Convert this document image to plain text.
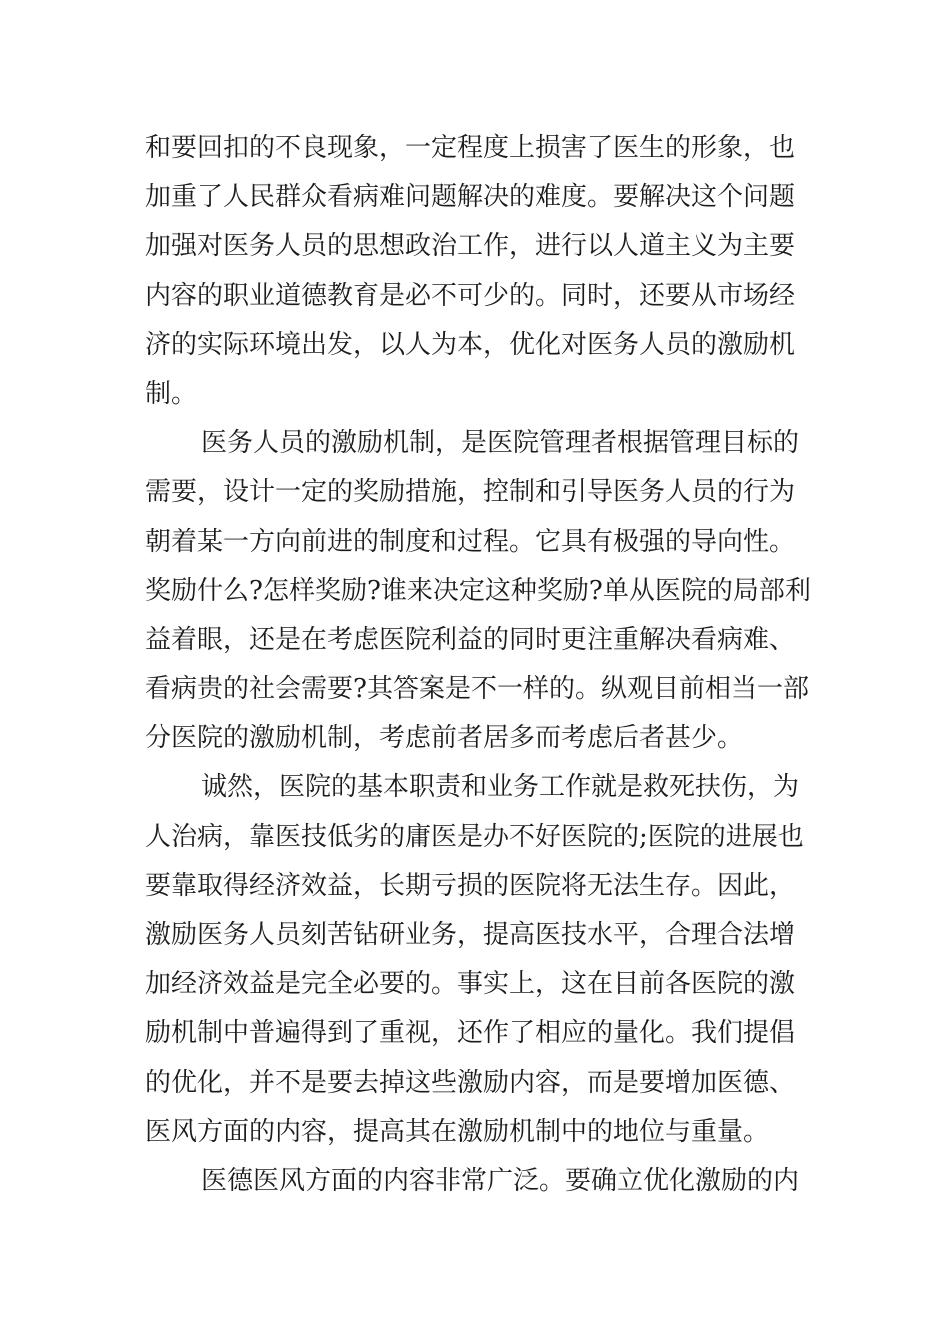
和要回扣的不良现象，一定程度上损害了医生的形象，也
加重了人民群众看病难问题解决的难度。要解决这个问题
加强对医务人员的思想政治工作，进行以人道主义为主要
内容的职业道德教育是必不可少的。同时，还要从市场经
济的实际环境出发，以人为本，优化对医务人员的激励机
制。
医务人员的激励机制，是医院管理者根据管理目标的
需要，设计一定的奖励措施，控制和引导医务人员的行为
朝着某一方向前进的制度和过程。它具有极强的导向性。
奖励什么?怎样奖励?谁来决定这种奖励?单从医院的局部利
益着眼，还是在考虑医院利益的同时更注重解决看病难、
看病贵的社会需要?其答案是不一样的。纵观目前相当一部
分医院的激励机制，考虑前者居多而考虑后者甚少。
诚然，医院的基本职责和业务工作就是救死扶伤，为
人治病，靠医技低劣的庸医是办不好医院的;医院的进展也
要靠取得经济效益，长期亏损的医院将无法生存。因此，
激励医务人员刻苦钻研业务，提高医技水平，合理合法增
加经济效益是完全必要的。事实上，这在目前各医院的激
励机制中普遍得到了重视，还作了相应的量化。我们提倡
的优化，并不是要去掉这些激励内容，而是要增加医德、
医风方面的内容，提高其在激励机制中的地位与重量。
医德医风方面的内容非常广泛。要确立优化激励的内
